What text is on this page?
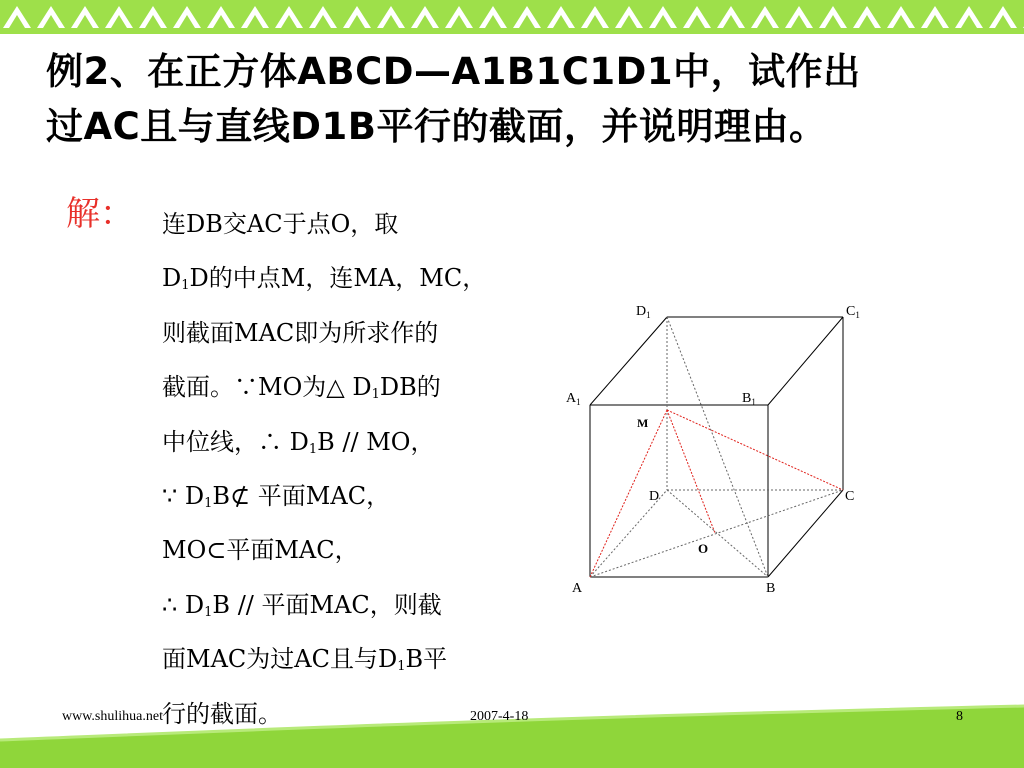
例2、在正方体ABCD—A1B1C1D1中，试作出
过AC且与直线D1B平行的截面，并说明理由。
解： 连DB交AC于点O，取
$D_1D$的中点M，连MA，MC，
则截面MAC即为所求作的
截面。∵MO为△ $D_1DB$的
中位线，∴ $D_1B$ // MO，
∵ $D_1B⊄$ 平面MAC，
MO⊂平面MAC，
∴ $D_1B$ // 平面MAC，则截
面MAC为过AC且与$D_1B$平
行的截面。
$D_1$	$C_1$
$A_1$	$B_1$
M
D	C
O
A	B
www.shulihua.net	2007-4-18	8
